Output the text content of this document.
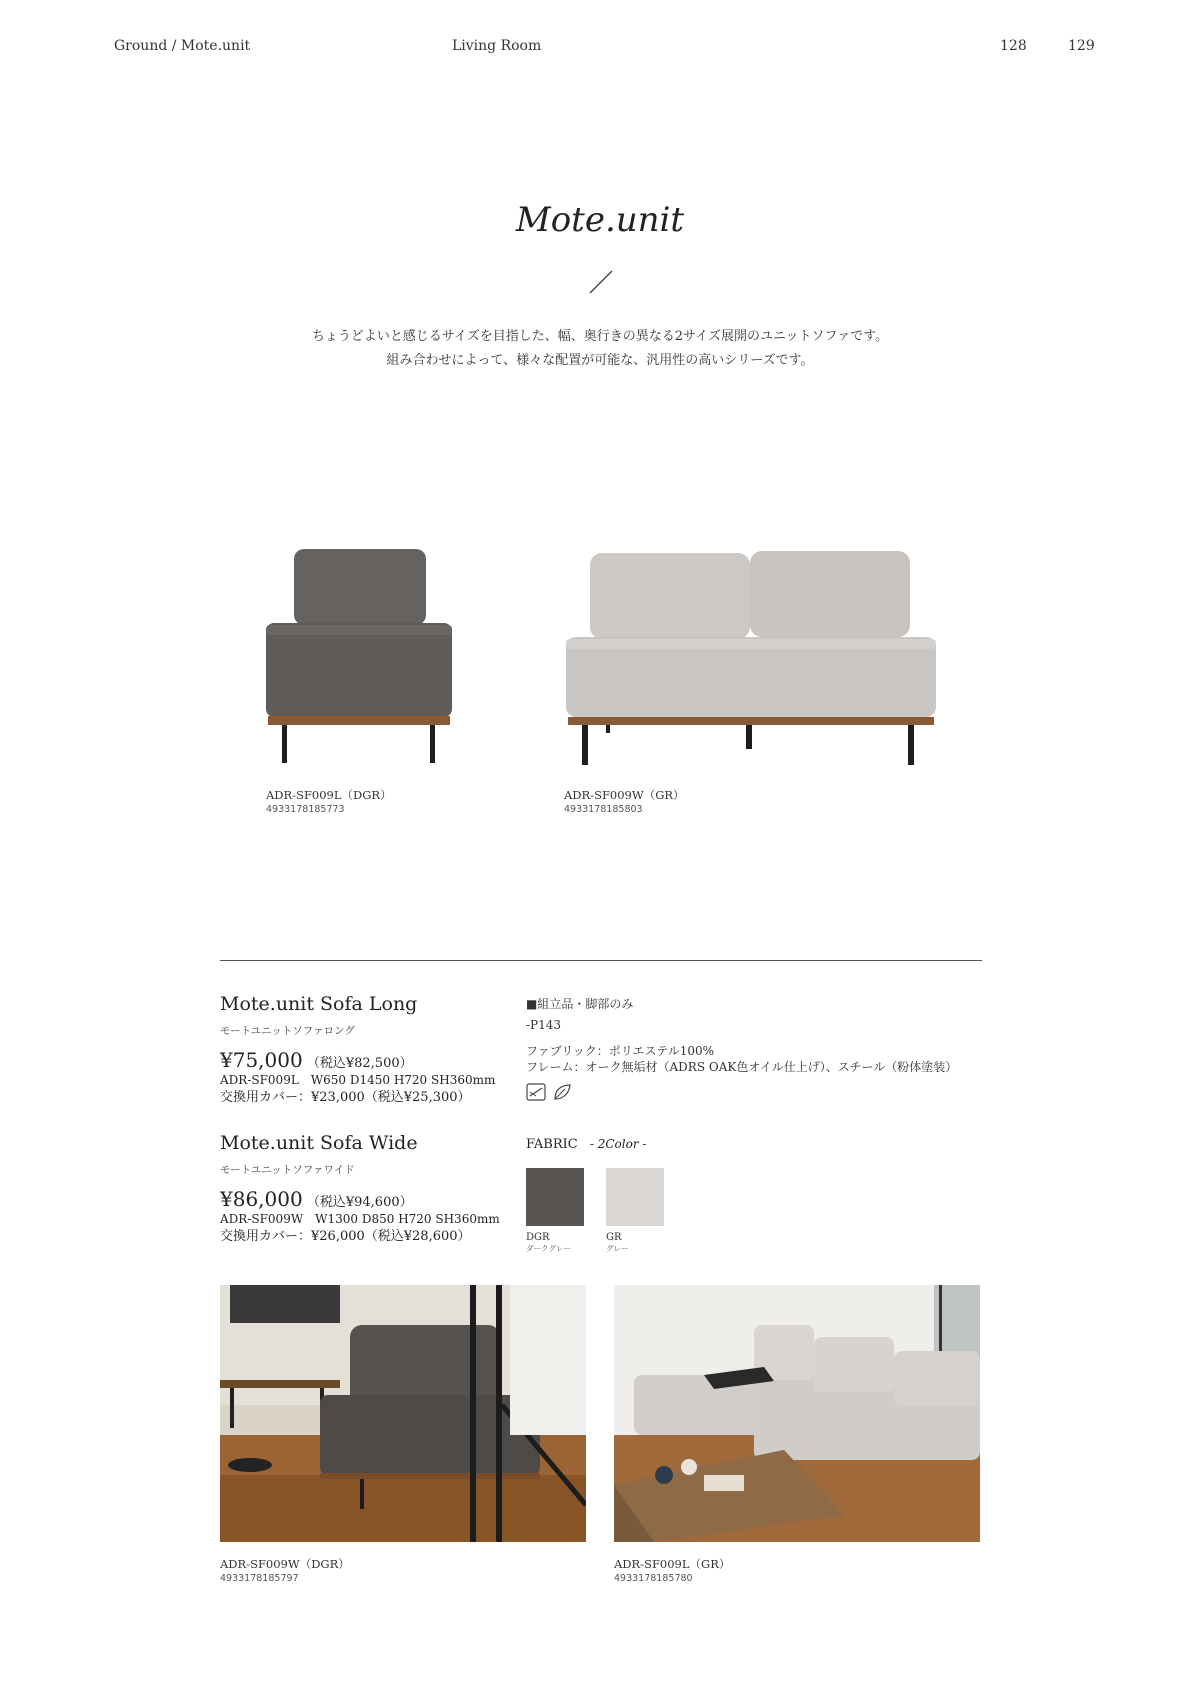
Ground / Mote.unit	Living Room	128	129
Mote.unit
ちょうどよいと感じるサイズを目指した、幅、奥行きの異なる2サイズ展開のユニットソファです。
組み合わせによって、様々な配置が可能な、汎用性の高いシリーズです。
ADR-SF009L（DGR）
4933178185773
ADR-SF009W（GR）
4933178185803
Mote.unit Sofa Long
モートユニットソファロング
¥75,000 （税込¥82,500）
ADR-SF009L　W650 D1450 H720 SH360mm
交換用カバー：¥23,000（税込¥25,300）
Mote.unit Sofa Wide
モートユニットソファワイド
¥86,000 （税込¥94,600）
ADR-SF009W　W1300 D850 H720 SH360mm
交換用カバー：¥26,000（税込¥28,600）
■組立品・脚部のみ
-P143
ファブリック：ポリエステル100%
フレーム：オーク無垢材（ADRS OAK色オイル仕上げ）、スチール（粉体塗装）
FABRIC - 2Color -
DGR
ダークグレー
GR
グレー
ADR-SF009W（DGR）
4933178185797
ADR-SF009L（GR）
4933178185780
